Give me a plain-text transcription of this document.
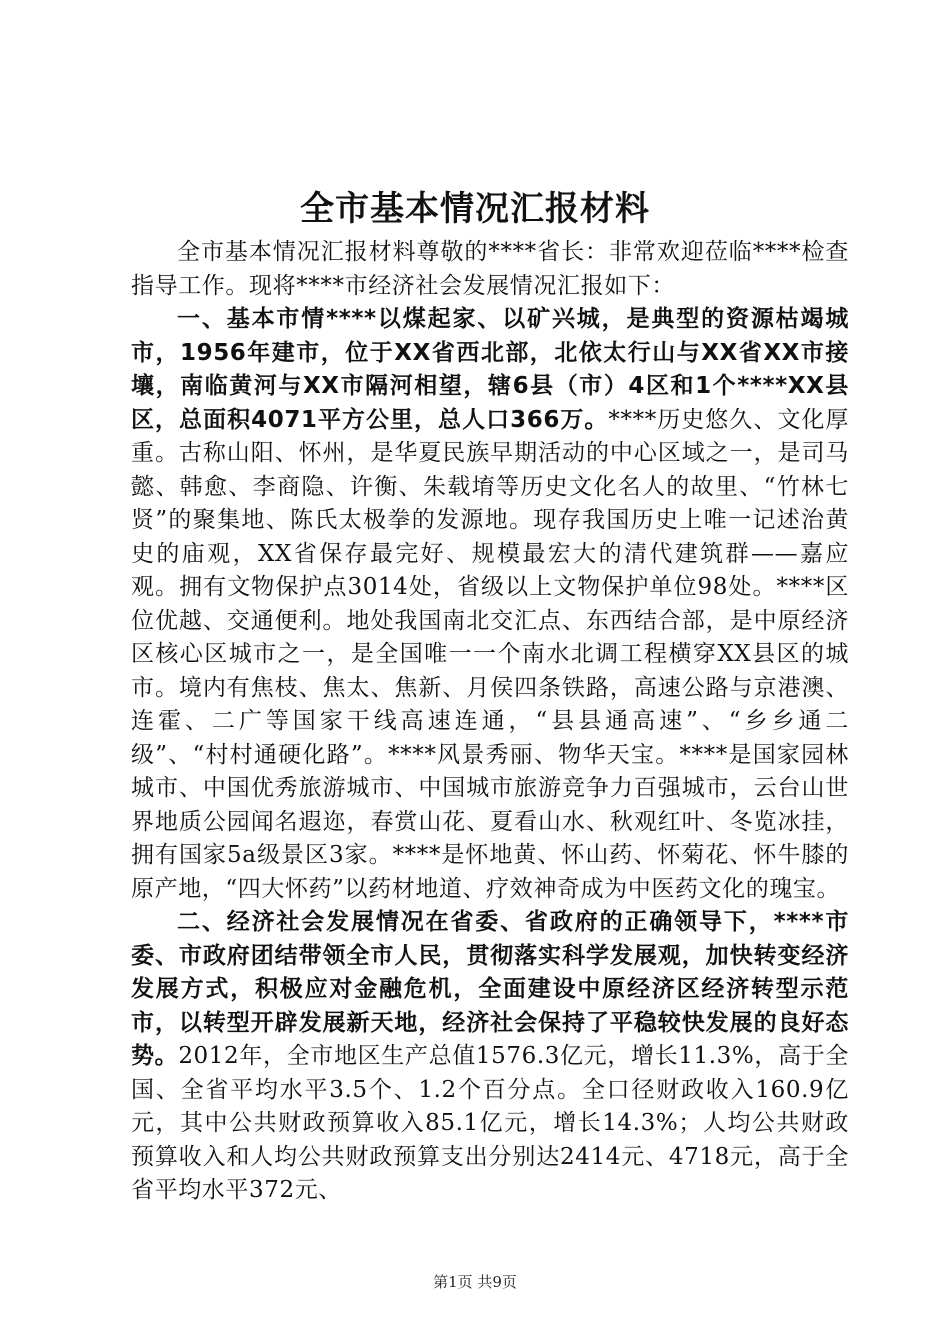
全市基本情况汇报材料

全市基本情况汇报材料尊敬的****省长：非常欢迎莅临****检查指导工作。现将****市经济社会发展情况汇报如下：

一、基本市情****以煤起家、以矿兴城，是典型的资源枯竭城市，1956年建市，位于XX省西北部，北依太行山与XX省XX市接壤，南临黄河与XX市隔河相望，辖6县（市）4区和1个****XX县区，总面积4071平方公里，总人口366万。****历史悠久、文化厚重。古称山阳、怀州，是华夏民族早期活动的中心区域之一，是司马懿、韩愈、李商隐、许衡、朱载堉等历史文化名人的故里、“竹林七贤”的聚集地、陈氏太极拳的发源地。现存我国历史上唯一记述治黄史的庙观，XX省保存最完好、规模最宏大的清代建筑群——嘉应观。拥有文物保护点3014处，省级以上文物保护单位98处。****区位优越、交通便利。地处我国南北交汇点、东西结合部，是中原经济区核心区城市之一，是全国唯一一个南水北调工程横穿XX县区的城市。境内有焦枝、焦太、焦新、月侯四条铁路，高速公路与京港澳、连霍、二广等国家干线高速连通，“县县通高速”、“乡乡通二级”、“村村通硬化路”。****风景秀丽、物华天宝。****是国家园林城市、中国优秀旅游城市、中国城市旅游竞争力百强城市，云台山世界地质公园闻名遐迩，春赏山花、夏看山水、秋观红叶、冬览冰挂，拥有国家5a级景区3家。****是怀地黄、怀山药、怀菊花、怀牛膝的原产地，“四大怀药”以药材地道、疗效神奇成为中医药文化的瑰宝。

二、经济社会发展情况在省委、省政府的正确领导下，****市委、市政府团结带领全市人民，贯彻落实科学发展观，加快转变经济发展方式，积极应对金融危机，全面建设中原经济区经济转型示范市，以转型开辟发展新天地，经济社会保持了平稳较快发展的良好态势。2012年，全市地区生产总值1576.3亿元，增长11.3%，高于全国、全省平均水平3.5个、1.2个百分点。全口径财政收入160.9亿元，其中公共财政预算收入85.1亿元，增长14.3%；人均公共财政预算收入和人均公共财政预算支出分别达2414元、4718元，高于全省平均水平372元、

第1页 共9页
